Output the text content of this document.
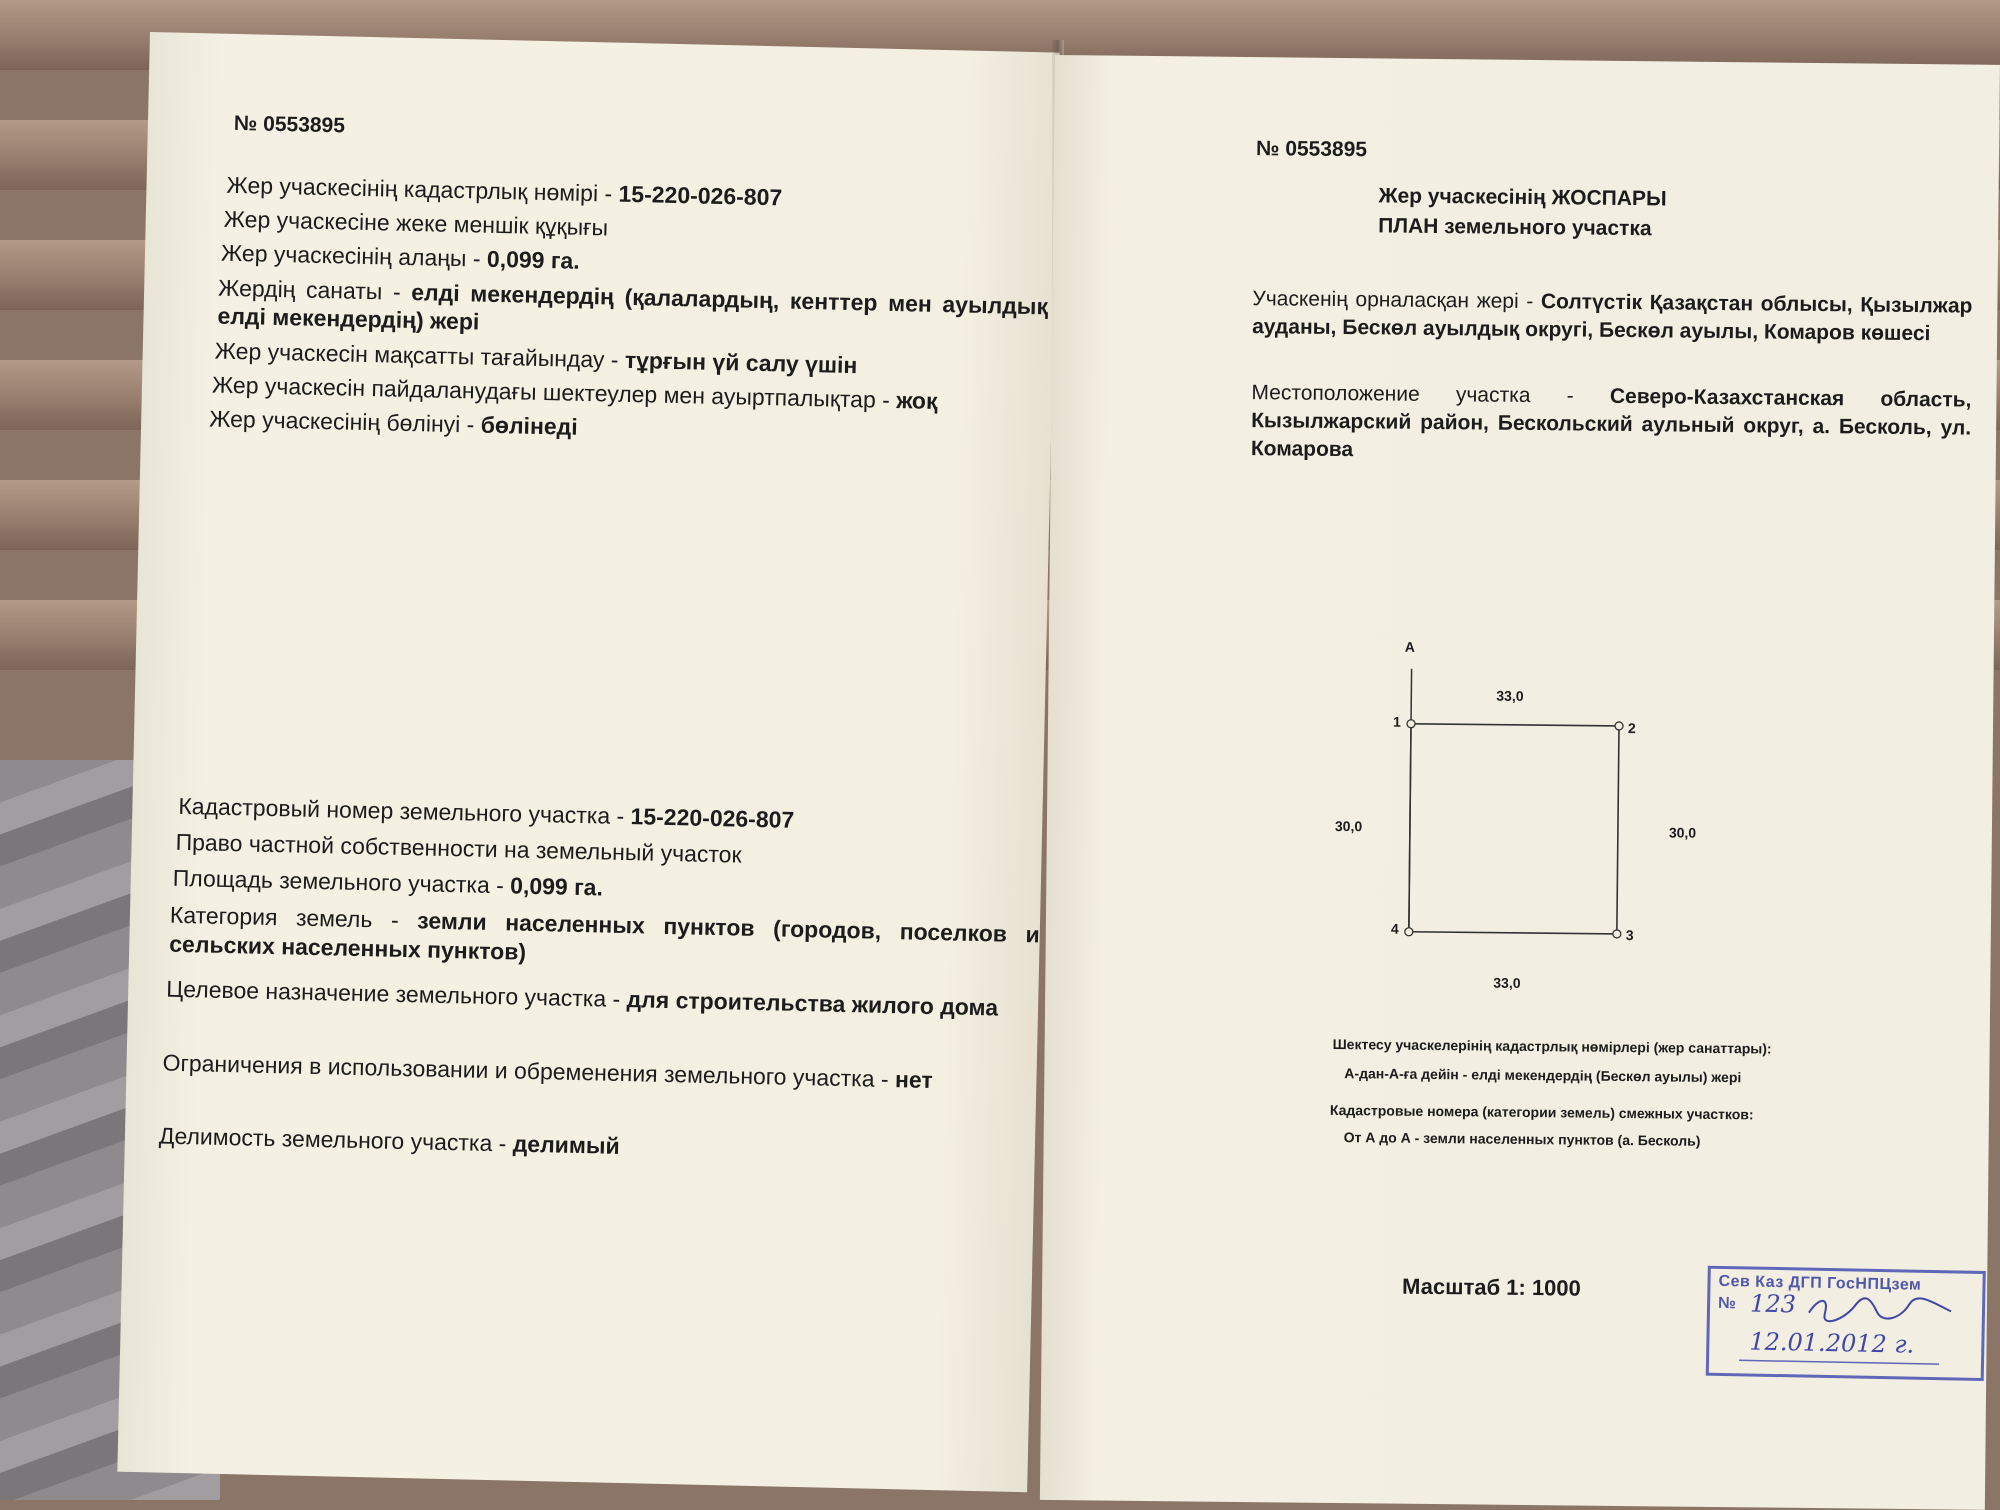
№ 0553895
Жер учаскесінің кадастрлық нөмірі - 15-220-026-807
Жер учаскесіне жеке меншік құқығы
Жер учаскесінің алаңы - 0,099 га.
Жердің санаты - елді мекендердің (қалалардың, кенттер мен ауылдық елді мекендердің) жері
Жер учаскесін мақсатты тағайындау - тұрғын үй салу үшін
Жер учаскесін пайдаланудағы шектеулер мен ауыртпалықтар - жоқ
Жер учаскесінің бөлінуі - бөлінеді
Кадастровый номер земельного участка - 15-220-026-807
Право частной собственности на земельный участок
Площадь земельного участка - 0,099 га.
Категория земель - земли населенных пунктов (городов, поселков и сельских населенных пунктов)
Целевое назначение земельного участка - для строительства жилого дома
Ограничения в использовании и обременения земельного участка - нет
Делимость земельного участка - делимый
№ 0553895
Жер учаскесінің ЖОСПАРЫ
ПЛАН земельного участка
Учаскенің орналасқан жері - Солтүстік Қазақстан облысы, Қызылжар ауданы, Бескөл ауылдық округі, Бескөл ауылы, Комаров көшесі
Местоположение участка - Северо-Казахстанская область, Кызылжарский район, Бескольский аульный округ, а. Бесколь, ул. Комарова
А
1	2
3
4
33,0
33,0
30,0	30,0
Шектесу учаскелерінің кадастрлық нөмірлері (жер санаттары):
А-дан-А-ға дейін - елді мекендердің (Бескөл ауылы) жері
Кадастровые номера (категории земель) смежных участков:
От А до А - земли населенных пунктов (а. Бесколь)
Масштаб 1: 1000	Сев Каз ДГП ГосНПЦзем
№ 123
12.01.2012 г.
